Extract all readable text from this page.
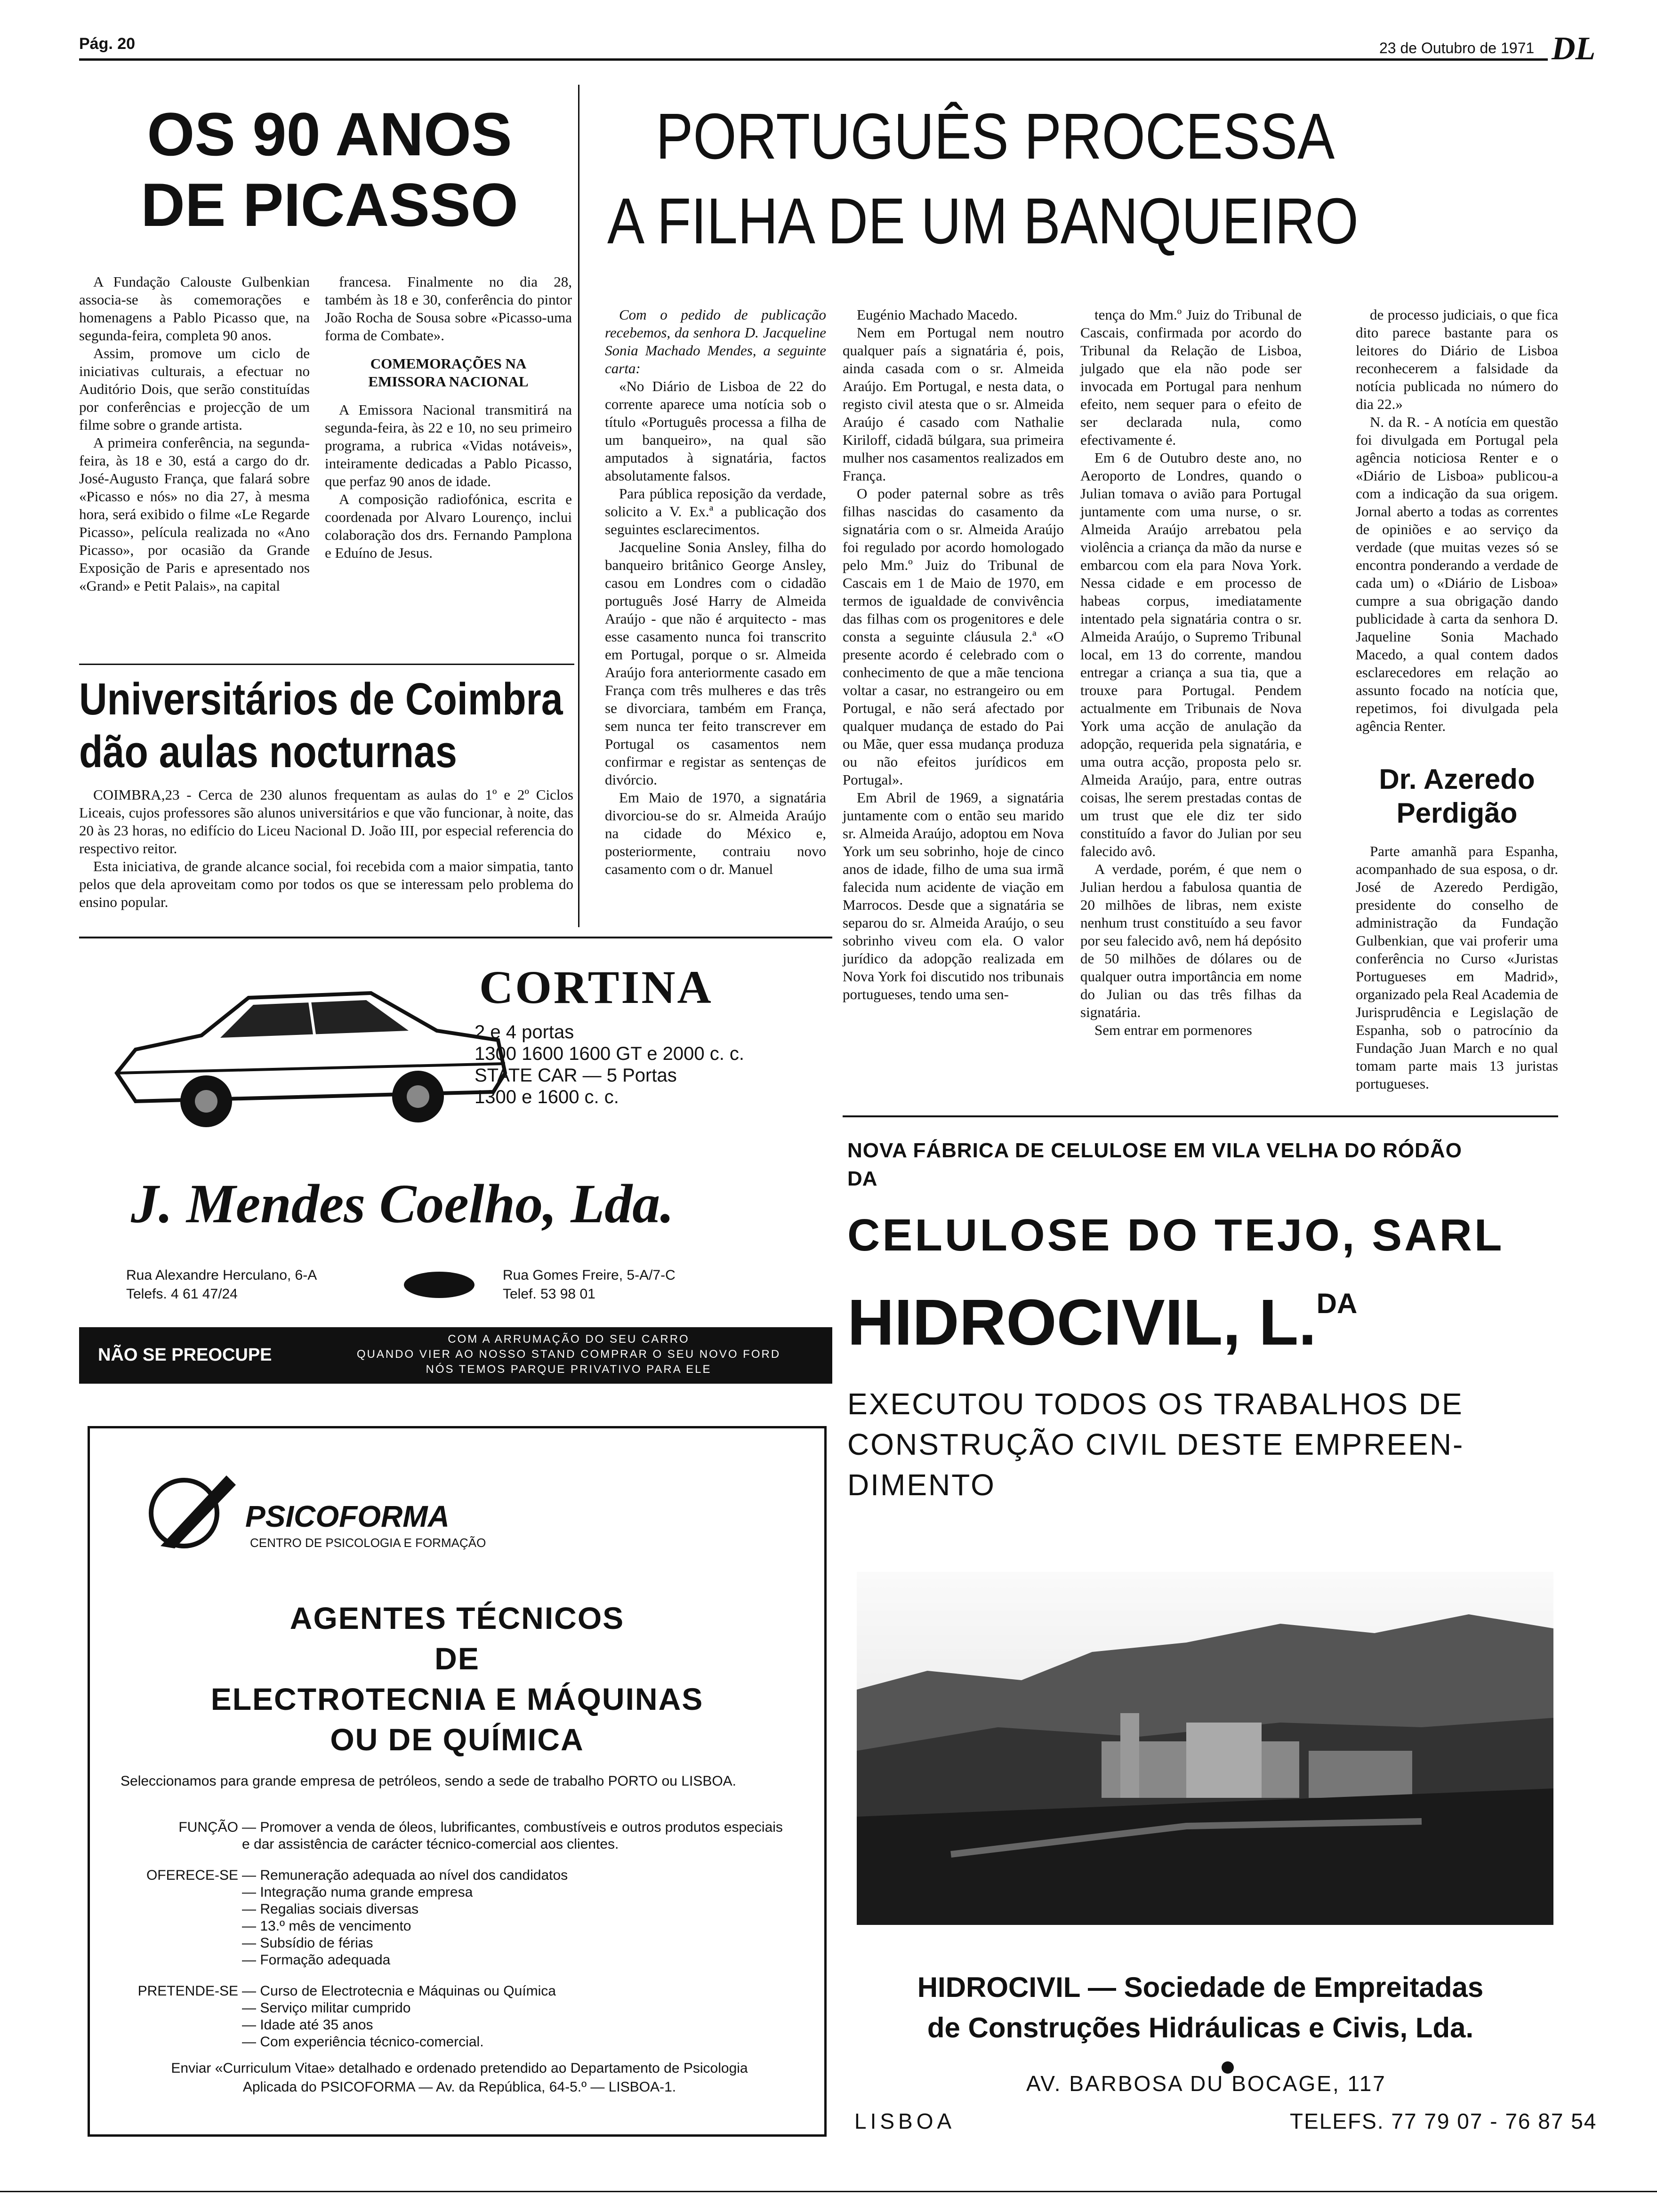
Pág. 20	23 de Outubro de 1971 DL
OS 90 ANOS
DE PICASSO

A Fundação Calouste Gulbenkian associa-se às comemorações e homenagens a Pablo Picasso que, na segunda-feira, completa 90 anos.

Assim, promove um ciclo de iniciativas culturais, a efectuar no Auditório Dois, que serão constituídas por conferências e projecção de um filme sobre o grande artista.

A primeira conferência, na segunda-feira, às 18 e 30, está a cargo do dr. José-Augusto França, que falará sobre «Picasso e nós» no dia 27, à mesma hora, será exibido o filme «Le Regarde Picasso», película realizada no «Ano Picasso», por ocasião da Grande Exposição de Paris e apresentado nos «Grand» e Petit Palais», na capital

francesa. Finalmente no dia 28, também às 18 e 30, conferência do pintor João Rocha de Sousa sobre «Picasso-uma forma de Combate».

COMEMORAÇÕES NA EMISSORA NACIONAL

A Emissora Nacional transmitirá na segunda-feira, às 22 e 10, no seu primeiro programa, a rubrica «Vidas notáveis», inteiramente dedicadas a Pablo Picasso, que perfaz 90 anos de idade.

A composição radiofónica, escrita e coordenada por Alvaro Lourenço, inclui colaboração dos drs. Fernando Pamplona e Eduíno de Jesus.

Universitários de Coimbra
dão aulas nocturnas

COIMBRA,23 - Cerca de 230 alunos frequentam as aulas do 1º e 2º Ciclos Liceais, cujos professores são alunos universitários e que vão funcionar, à noite, das 20 às 23 horas, no edifício do Liceu Nacional D. João III, por especial referencia do respectivo reitor.

Esta iniciativa, de grande alcance social, foi recebida com a maior simpatia, tanto pelos que dela aproveitam como por todos os que se interessam pelo problema do ensino popular.

PORTUGUÊS PROCESSA
A FILHA DE UM BANQUEIRO

Com o pedido de publicação recebemos, da senhora D. Jacqueline Sonia Machado Mendes, a seguinte carta:

«No Diário de Lisboa de 22 do corrente aparece uma notícia sob o título «Português processa a filha de um banqueiro», na qual são amputados à signatária, factos absolutamente falsos.

Para pública reposição da verdade, solicito a V. Ex.ª a publicação dos seguintes esclarecimentos.

Jacqueline Sonia Ansley, filha do banqueiro britânico George Ansley, casou em Londres com o cidadão português José Harry de Almeida Araújo - que não é arquitecto - mas esse casamento nunca foi transcrito em Portugal, porque o sr. Almeida Araújo fora anteriormente casado em França com três mulheres e das três se divorciara, também em França, sem nunca ter feito transcrever em Portugal os casamentos nem confirmar e registar as sentenças de divórcio.

Em Maio de 1970, a signatária divorciou-se do sr. Almeida Araújo na cidade do México e, posteriormente, contraiu novo casamento com o dr. Manuel

Eugénio Machado Macedo.

Nem em Portugal nem noutro qualquer país a signatária é, pois, ainda casada com o sr. Almeida Araújo. Em Portugal, e nesta data, o registo civil atesta que o sr. Almeida Araújo é casado com Nathalie Kiriloff, cidadã búlgara, sua primeira mulher nos casamentos realizados em França.

O poder paternal sobre as três filhas nascidas do casamento da signatária com o sr. Almeida Araújo foi regulado por acordo homologado pelo Mm.º Juiz do Tribunal de Cascais em 1 de Maio de 1970, em termos de igualdade de convivência das filhas com os progenitores e dele consta a seguinte cláusula 2.ª «O presente acordo é celebrado com o conhecimento de que a mãe tenciona voltar a casar, no estrangeiro ou em Portugal, e não será afectado por qualquer mudança de estado do Pai ou Mãe, quer essa mudança produza ou não efeitos jurídicos em Portugal».

Em Abril de 1969, a signatária juntamente com o então seu marido sr. Almeida Araújo, adoptou em Nova York um seu sobrinho, hoje de cinco anos de idade, filho de uma sua irmã falecida num acidente de viação em Marrocos. Desde que a signatária se separou do sr. Almeida Araújo, o seu sobrinho viveu com ela. O valor jurídico da adopção realizada em Nova York foi discutido nos tribunais portugueses, tendo uma sen-

tença do Mm.º Juiz do Tribunal de Cascais, confirmada por acordo do Tribunal da Relação de Lisboa, julgado que ela não pode ser invocada em Portugal para nenhum efeito, nem sequer para o efeito de ser declarada nula, como efectivamente é.

Em 6 de Outubro deste ano, no Aeroporto de Londres, quando o Julian tomava o avião para Portugal juntamente com uma nurse, o sr. Almeida Araújo arrebatou pela violência a criança da mão da nurse e embarcou com ela para Nova York. Nessa cidade e em processo de habeas corpus, imediatamente intentado pela signatária contra o sr. Almeida Araújo, o Supremo Tribunal local, em 13 do corrente, mandou entregar a criança a sua tia, que a trouxe para Portugal. Pendem actualmente em Tribunais de Nova York uma acção de anulação da adopção, requerida pela signatária, e uma outra acção, proposta pelo sr. Almeida Araújo, para, entre outras coisas, lhe serem prestadas contas de um trust que ele diz ter sido constituído a favor do Julian por seu falecido avô.

A verdade, porém, é que nem o Julian herdou a fabulosa quantia de 20 milhões de libras, nem existe nenhum trust constituído a seu favor por seu falecido avô, nem há depósito de 50 milhões de dólares ou de qualquer outra importância em nome do Julian ou das três filhas da signatária.

Sem entrar em pormenores

de processo judiciais, o que fica dito parece bastante para os leitores do Diário de Lisboa reconhecerem a falsidade da notícia publicada no número do dia 22.»

N. da R. - A notícia em questão foi divulgada em Portugal pela agência noticiosa Renter e o «Diário de Lisboa» publicou-a com a indicação da sua origem. Jornal aberto a todas as correntes de opiniões e ao serviço da verdade (que muitas vezes só se encontra ponderando a verdade de cada um) o «Diário de Lisboa» cumpre a sua obrigação dando publicidade à carta da senhora D. Jaqueline Sonia Machado Macedo, a qual contem dados esclarecedores em relação ao assunto focado na notícia que, repetimos, foi divulgada pela agência Renter.

Dr. Azeredo
Perdigão

Parte amanhã para Espanha, acompanhado de sua esposa, o dr. José de Azeredo Perdigão, presidente do conselho de administração da Fundação Gulbenkian, que vai proferir uma conferência no Curso «Juristas Portugueses em Madrid», organizado pela Real Academia de Jurisprudência e Legislação de Espanha, sob o patrocínio da Fundação Juan March e no qual tomam parte mais 13 juristas portugueses.

CORTINA
2 e 4 portas
1300 1600 1600 GT e 2000 c. c.
STATE CAR — 5 Portas
1300 e 1600 c. c.
J. Mendes Coelho, Lda.
Rua Alexandre Herculano, 6-A
Telefs. 4 61 47/24
Rua Gomes Freire, 5-A/7-C
Telef. 53 98 01
NÃO SE PREOCUPE
COM A ARRUMAÇÃO DO SEU CARRO
QUANDO VIER AO NOSSO STAND COMPRAR O SEU NOVO FORD
NÓS TEMOS PARQUE PRIVATIVO PARA ELE
PSICOFORMA
CENTRO DE PSICOLOGIA E FORMAÇÃO
AGENTES TÉCNICOS
DE
ELECTROTECNIA E MÁQUINAS
OU DE QUÍMICA
Seleccionamos para grande empresa de petróleos, sendo a sede de trabalho PORTO ou LISBOA.
FUNÇÃO — Promover a venda de óleos, lubrificantes, combustíveis e outros produtos especiais e dar assistência de carácter técnico-comercial aos clientes.
OFERECE-SE	— Remuneração adequada ao nível dos candidatos
— Integração numa grande empresa
— Regalias sociais diversas
— 13.º mês de vencimento
— Subsídio de férias
— Formação adequada
PRETENDE-SE	— Curso de Electrotecnia e Máquinas ou Química
— Serviço militar cumprido
— Idade até 35 anos
— Com experiência técnico-comercial.
Enviar «Curriculum Vitae» detalhado e ordenado pretendido ao Departamento de Psicologia Aplicada do PSICOFORMA — Av. da República, 64-5.º — LISBOA-1.
NOVA FÁBRICA DE CELULOSE EM VILA VELHA DO RÓDÃO
DA
CELULOSE DO TEJO, SARL
HIDROCIVIL, L.$^{DA}$
EXECUTOU TODOS OS TRABALHOS DE
CONSTRUÇÃO CIVIL DESTE EMPREEN-
DIMENTO
HIDROCIVIL — Sociedade de Empreitadas
de Construções Hidráulicas e Civis, Lda.
AV. BARBOSA DU BOCAGE, 117
LISBOA	TELEFS. 77 79 07 - 76 87 54
